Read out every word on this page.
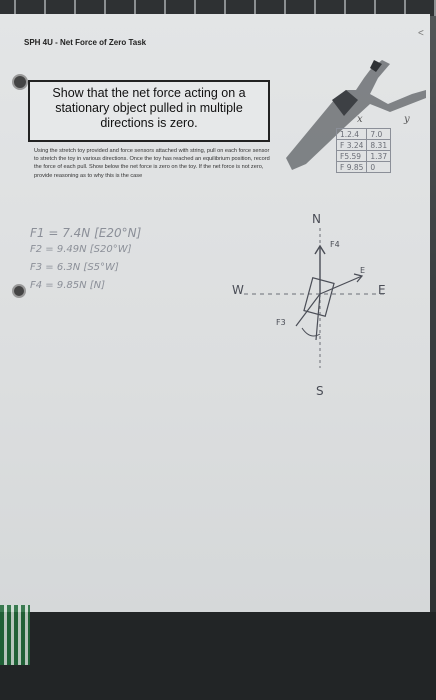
SPH 4U - Net Force of Zero Task
<
Show that the net force acting on a stationary object pulled in multiple directions is zero.
Using the stretch toy provided and force sensors attached with string, pull on each force sensor to stretch the toy in various directions. Once the toy has reached an equilibrium position, record the force of each pull. Show below the net force is zero on the toy. If the net force is not zero, provide reasoning as to why this is the case
x	y
1.2.4	7.0
F 3.24	8.31
F5.59	1.37
F 9.85	0
F1 = 7.4N [E20°N]
F2 = 9.49N [S20°W]
F3 = 6.3N [S5°W]
F4 = 9.85N [N]
N
S
W	E
F4
E
F3
